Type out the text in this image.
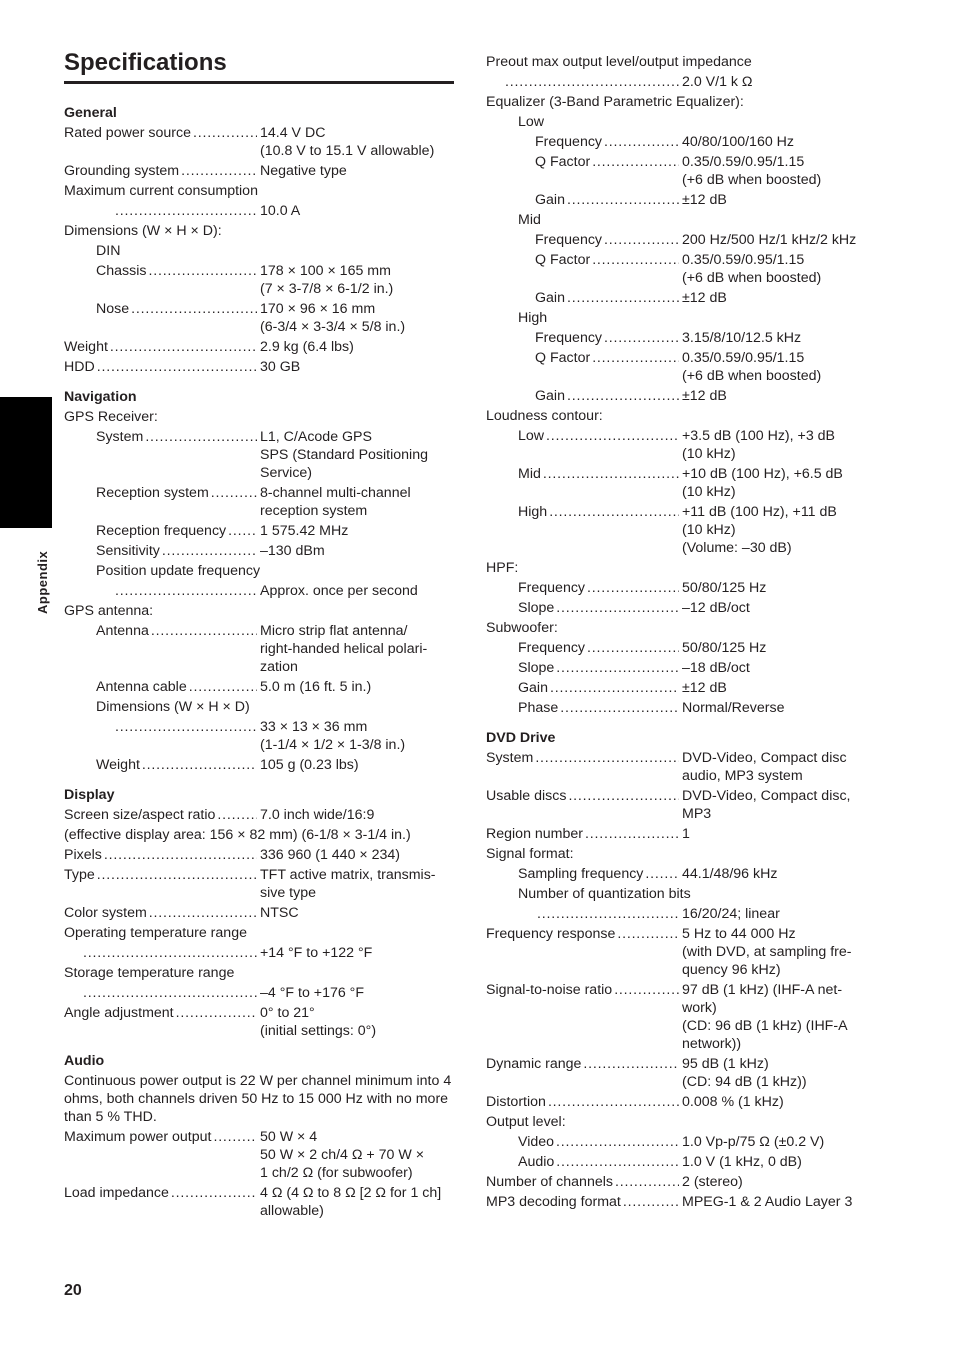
Specifications
Appendix
General
Rated power source .....	14.4 V DC
(10.8 V to 15.1 V allowable)
Grounding system .....	Negative type
Maximum current consumption
.....
10.0 A
Dimensions (W × H × D):
DIN
Chassis .....	178 × 100 × 165 mm
(7 × 3-7/8 × 6-1/2 in.)
Nose .....	170 × 96 × 16 mm
(6-3/4 × 3-3/4 × 5/8 in.)
Weight .....	2.9 kg (6.4 lbs)
HDD .....	30 GB
Navigation
GPS Receiver:
System .....	L1, C/Acode GPS
SPS (Standard Positioning
Service)
Reception system .....	8-channel multi-channel
reception system
Reception frequency ..... 1 575.42 MHz
Sensitivity .....	–130 dBm
Position update frequency
.....
Approx. once per second
GPS antenna:
Antenna .....	Micro strip flat antenna/
right-handed helical polari-
zation
Antenna cable .....	5.0 m (16 ft. 5 in.)
Dimensions (W × H × D)
.....
33 × 13 × 36 mm
(1-1/4 × 1/2 × 1-3/8 in.)
Weight .....	105 g (0.23 lbs)
Display
Screen size/aspect ratio .....	7.0 inch wide/16:9
(effective display area: 156 × 82 mm) (6-1/8 × 3-1/4 in.)
Pixels .....	336 960 (1 440 × 234)
Type .....	TFT active matrix, transmis-
sive type
Color system .....	NTSC
Operating temperature range
.....
+14 °F to +122 °F
Storage temperature range
.....
–4 °F to +176 °F
Angle adjustment .....	0° to 21°
(initial settings: 0°)
Audio
Continuous power output is 22 W per channel minimum into 4 ohms, both channels driven 50 Hz to 15 000 Hz with no more than 5 % THD.
Maximum power output .....	50 W × 4
50 W × 2 ch/4 Ω + 70 W ×
1 ch/2 Ω (for subwoofer)
Load impedance .....	4 Ω (4 Ω to 8 Ω [2 Ω for 1 ch]
allowable)
Preout max output level/output impedance
.....
2.0 V/1 k Ω
Equalizer (3-Band Parametric Equalizer):
Low
Frequency .....	40/80/100/160 Hz
Q Factor .....	0.35/0.59/0.95/1.15
(+6 dB when boosted)
Gain .....	±12 dB
Mid
Frequency .....	200 Hz/500 Hz/1 kHz/2 kHz
Q Factor .....	0.35/0.59/0.95/1.15
(+6 dB when boosted)
Gain .....	±12 dB
High
Frequency .....	3.15/8/10/12.5 kHz
Q Factor .....	0.35/0.59/0.95/1.15
(+6 dB when boosted)
Gain .....	±12 dB
Loudness contour:
Low .....	+3.5 dB (100 Hz), +3 dB
(10 kHz)
Mid .....	+10 dB (100 Hz), +6.5 dB
(10 kHz)
High .....	+11 dB (100 Hz), +11 dB
(10 kHz)
(Volume: –30 dB)
HPF:
Frequency .....	50/80/125 Hz
Slope .....	–12 dB/oct
Subwoofer:
Frequency .....	50/80/125 Hz
Slope .....	–18 dB/oct
Gain .....	±12 dB
Phase .....	Normal/Reverse
DVD Drive
System .....	DVD-Video, Compact disc
audio, MP3 system
Usable discs .....	DVD-Video, Compact disc,
MP3
Region number .....	1
Signal format:
Sampling frequency .....	44.1/48/96 kHz
Number of quantization bits
.....
16/20/24; linear
Frequency response .....	5 Hz to 44 000 Hz
(with DVD, at sampling fre-
quency 96 kHz)
Signal-to-noise ratio .....	97 dB (1 kHz) (IHF-A net-
work)
(CD: 96 dB (1 kHz) (IHF-A
network))
Dynamic range .....	95 dB (1 kHz)
(CD: 94 dB (1 kHz))
Distortion .....	0.008 % (1 kHz)
Output level:
Video .....	1.0 Vp-p/75 Ω (±0.2 V)
Audio .....	1.0 V (1 kHz, 0 dB)
Number of channels .....	2 (stereo)
MP3 decoding format .....	MPEG-1 & 2 Audio Layer 3
20
